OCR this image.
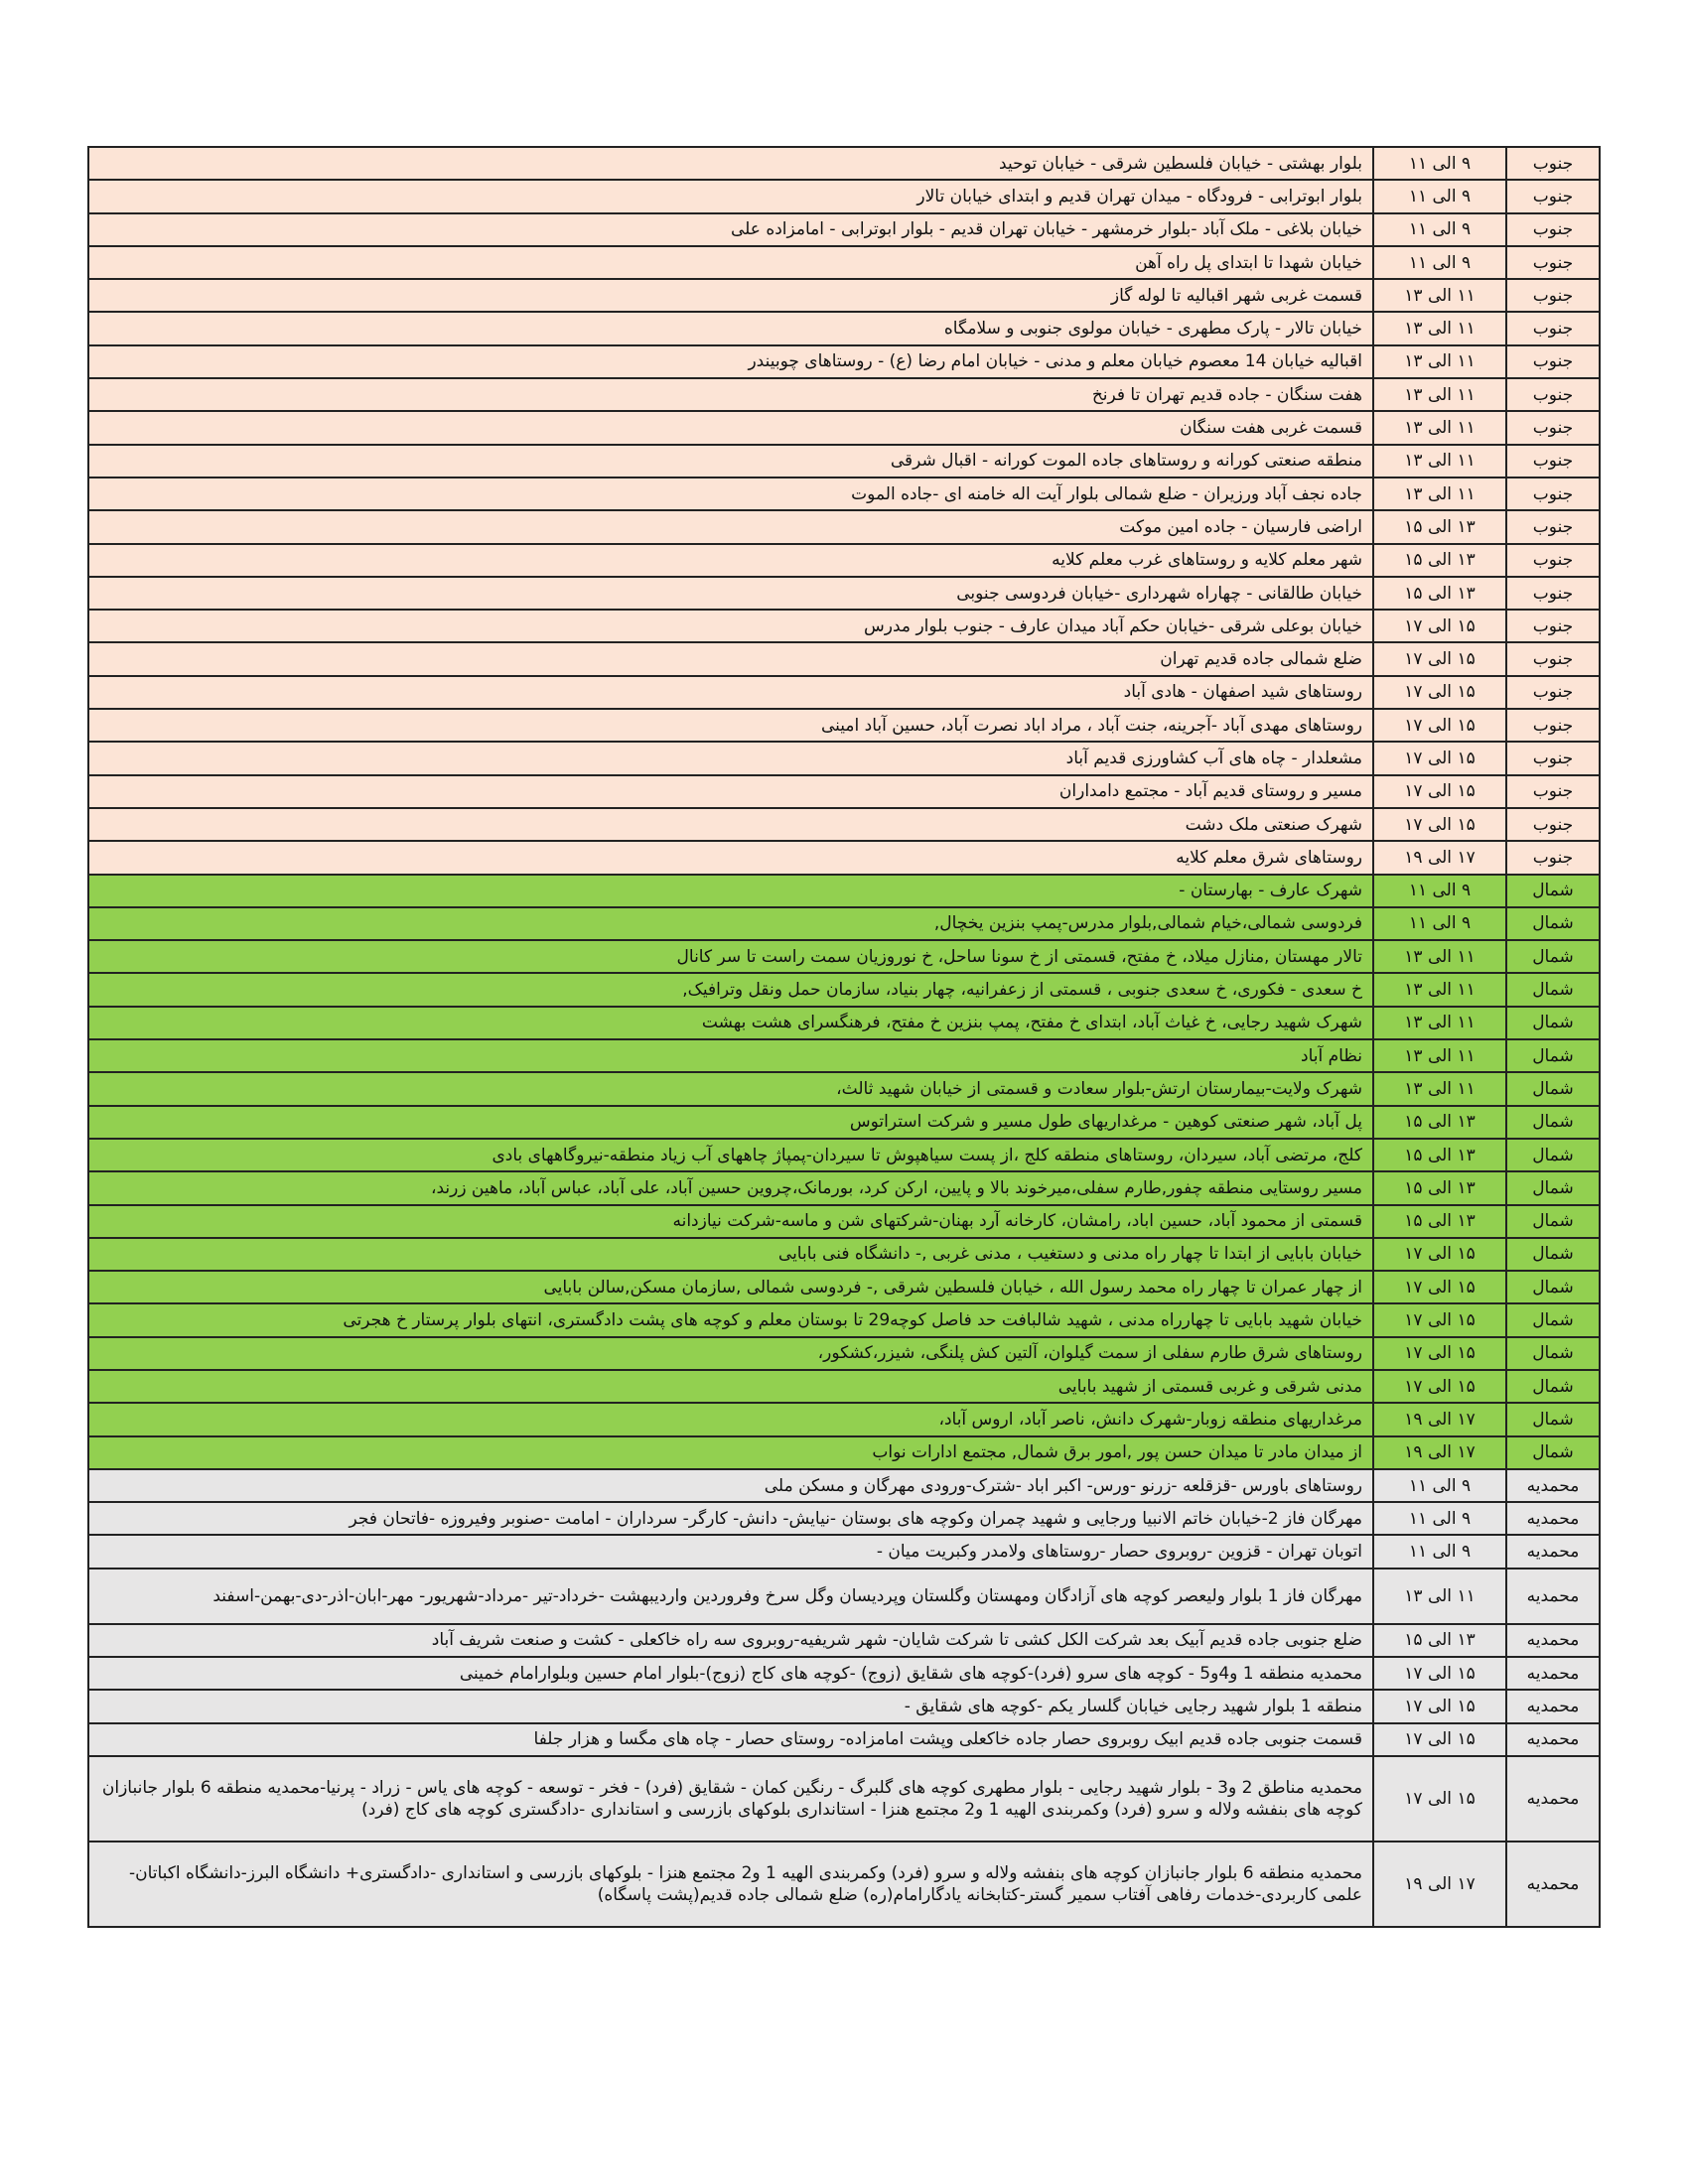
جنوب	۹ الی ۱۱	بلوار بهشتی - خیابان فلسطین شرقی - خیابان توحید
جنوب	۹ الی ۱۱	بلوار ابوترابی - فرودگاه - میدان تهران قدیم و ابتدای خیابان تالار
جنوب	۹ الی ۱۱	خیابان بلاغی - ملک آباد -بلوار خرمشهر - خیابان تهران قدیم - بلوار ابوترابی - امامزاده علی
جنوب	۹ الی ۱۱	خیابان شهدا تا ابتدای پل راه آهن
جنوب	۱۱ الی ۱۳	قسمت غربی شهر اقبالیه تا لوله گاز
جنوب	۱۱ الی ۱۳	خیابان تالار - پارک مطهری - خیابان مولوی جنوبی و سلامگاه
جنوب	۱۱ الی ۱۳	اقبالیه خیابان 14 معصوم خیابان معلم و مدنی - خیابان امام رضا (ع) - روستاهای چوبیندر
جنوب	۱۱ الی ۱۳	هفت سنگان - جاده قدیم تهران تا فرنخ
جنوب	۱۱ الی ۱۳	قسمت غربی هفت سنگان
جنوب	۱۱ الی ۱۳	منطقه صنعتی کورانه و روستاهای جاده الموت کورانه - اقبال شرقی
جنوب	۱۱ الی ۱۳	جاده نجف آباد ورزیران - ضلع شمالی بلوار آیت اله خامنه ای -جاده الموت
جنوب	۱۳ الی ۱۵	اراضی فارسیان - جاده امین موکت
جنوب	۱۳ الی ۱۵	شهر معلم کلایه و روستاهای غرب معلم کلایه
جنوب	۱۳ الی ۱۵	خیابان طالقانی - چهاراه شهرداری -خیابان فردوسی جنوبی
جنوب	۱۵ الی ۱۷	خیابان بوعلی شرقی -خیابان حکم آباد میدان عارف - جنوب بلوار مدرس
جنوب	۱۵ الی ۱۷	ضلع شمالی جاده قدیم تهران
جنوب	۱۵ الی ۱۷	روستاهای شید اصفهان - هادی آباد
جنوب	۱۵ الی ۱۷	روستاهای مهدی آباد -آجرینه، جنت آباد ، مراد اباد نصرت آباد، حسین آباد امینی
جنوب	۱۵ الی ۱۷	مشعلدار - چاه های آب کشاورزی قدیم آباد
جنوب	۱۵ الی ۱۷	مسیر و روستای قدیم آباد - مجتمع دامداران
جنوب	۱۵ الی ۱۷	شهرک صنعتی ملک دشت
جنوب	۱۷ الی ۱۹	روستاهای شرق معلم کلایه
شمال	۹ الی ۱۱	شهرک عارف - بهارستان -
شمال	۹ الی ۱۱	فردوسی شمالی،خیام شمالی,بلوار مدرس-پمپ بنزین یخچال,
شمال	۱۱ الی ۱۳	تالار مهستان ,منازل میلاد، خ مفتح، قسمتی از خ سونا ساحل، خ نوروزیان سمت راست تا سر کانال
شمال	۱۱ الی ۱۳	خ سعدی - فکوری، خ سعدی جنوبی ، قسمتی از زعفرانیه، چهار بنیاد، سازمان حمل ونقل وترافیک,
شمال	۱۱ الی ۱۳	شهرک شهید رجایی، خ غیاث آباد، ابتدای خ مفتح، پمپ بنزین خ مفتح، فرهنگسرای هشت بهشت
شمال	۱۱ الی ۱۳	نظام آباد
شمال	۱۱ الی ۱۳	شهرک ولایت-بیمارستان ارتش-بلوار سعادت و قسمتی از خیابان شهید ثالث،
شمال	۱۳ الی ۱۵	پل آباد، شهر صنعتی کوهین - مرغداریهای طول مسیر و شرکت استراتوس
شمال	۱۳ الی ۱۵	کلج، مرتضی آباد، سیردان، روستاهای منطقه کلج ،از پست سیاهپوش تا سیردان-پمپاژ چاههای آب زیاد منطقه-نیروگاههای بادی
شمال	۱۳ الی ۱۵	مسیر روستایی منطقه چفور,طارم سفلی،میرخوند بالا و پایین، ارکن کرد، بورمانک،چروین حسین آباد، علی آباد، عباس آباد، ماهین زرند،
شمال	۱۳ الی ۱۵	قسمتی از محمود آباد، حسین اباد، رامشان، کارخانه آرد بهنان-شرکتهای شن و ماسه-شرکت نیازدانه
شمال	۱۵ الی ۱۷	خیابان بابایی از ابتدا تا چهار راه مدنی و دستغیب ، مدنی غربی ,- دانشگاه فنی بابایی
شمال	۱۵ الی ۱۷	از چهار عمران تا چهار راه محمد رسول الله ، خیابان فلسطین شرقی ,- فردوسی شمالی ,سازمان مسکن,سالن بابایی
شمال	۱۵ الی ۱۷	خیابان شهید بابایی تا چهارراه مدنی ، شهید شالبافت حد فاصل کوچه29 تا بوستان معلم و کوچه های پشت دادگستری، انتهای بلوار پرستار خ هجرتی
شمال	۱۵ الی ۱۷	روستاهای شرق طارم سفلی از سمت گیلوان، آلتین کش پلنگی، شیزر،کشکور،
شمال	۱۵ الی ۱۷	مدنی شرقی و غربی قسمتی از شهید بابایی
شمال	۱۷ الی ۱۹	مرغداریهای منطقه زوبار-شهرک دانش، ناصر آباد، اروس آباد،
شمال	۱۷ الی ۱۹	از میدان مادر تا میدان حسن پور ,امور برق شمال, مجتمع ادارات نواب
محمدیه	۹ الی ۱۱	روستاهای باورس -قزقلعه -زرنو -ورس- اکبر اباد -شترک-ورودی مهرگان و مسکن ملی
محمدیه	۹ الی ۱۱	مهرگان فاز 2-خیابان خاتم الانبیا ورجایی و شهید چمران وکوچه های بوستان -نیایش- دانش- کارگر- سرداران - امامت -صنوبر وفیروزه -فاتحان فجر
محمدیه	۹ الی ۱۱	اتوبان تهران - قزوین -روبروی حصار -روستاهای ولامدر وکبریت میان -
محمدیه	۱۱ الی ۱۳	مهرگان فاز 1 بلوار ولیعصر کوچه های آزادگان ومهستان وگلستان وپردیسان وگل سرخ وفروردین واردیبهشت -خرداد-تیر -مرداد-شهریور- مهر-ابان-اذر-دی-بهمن-اسفند
محمدیه	۱۳ الی ۱۵	ضلع جنوبی جاده قدیم آبیک بعد شرکت الکل کشی تا شرکت شایان- شهر شریفیه-روبروی سه راه خاکعلی - کشت و صنعت شریف آباد
محمدیه	۱۵ الی ۱۷	محمدیه منطقه 1 و4و5 - کوچه های سرو (فرد)-کوچه های شقایق (زوج) -کوچه های کاج (زوج)-بلوار امام حسین وبلوارامام خمینی
محمدیه	۱۵ الی ۱۷	منطقه 1 بلوار شهید رجایی خیابان گلسار یکم -کوچه های شقایق -
محمدیه	۱۵ الی ۱۷	قسمت جنوبی جاده قدیم ابیک روبروی حصار جاده خاکعلی وپشت امامزاده- روستای حصار - چاه های مگسا و هزار جلفا
محمدیه	۱۵ الی ۱۷	محمدیه مناطق 2 و3 - بلوار شهید رجایی - بلوار مطهری کوچه های گلبرگ - رنگین کمان - شقایق (فرد) - فخر - توسعه - کوچه های یاس - زراد - پرنیا-محمدیه منطقه 6 بلوار جانبازان کوچه های بنفشه ولاله و سرو (فرد) وکمربندی الهیه 1 و2 مجتمع هنزا - استانداری بلوکهای بازرسی و استانداری -دادگستری کوچه های کاج (فرد)
محمدیه	۱۷ الی ۱۹	محمدیه منطقه 6 بلوار جانبازان کوچه های بنفشه ولاله و سرو (فرد) وکمربندی الهیه 1 و2 مجتمع هنزا - بلوکهای بازرسی و استانداری -دادگستری+ دانشگاه البرز-دانشگاه اکباتان-علمی کاربردی-خدمات رفاهی آفتاب سمیر گستر-کتابخانه یادگارامام(ره) ضلع شمالی جاده قدیم(پشت پاسگاه)
